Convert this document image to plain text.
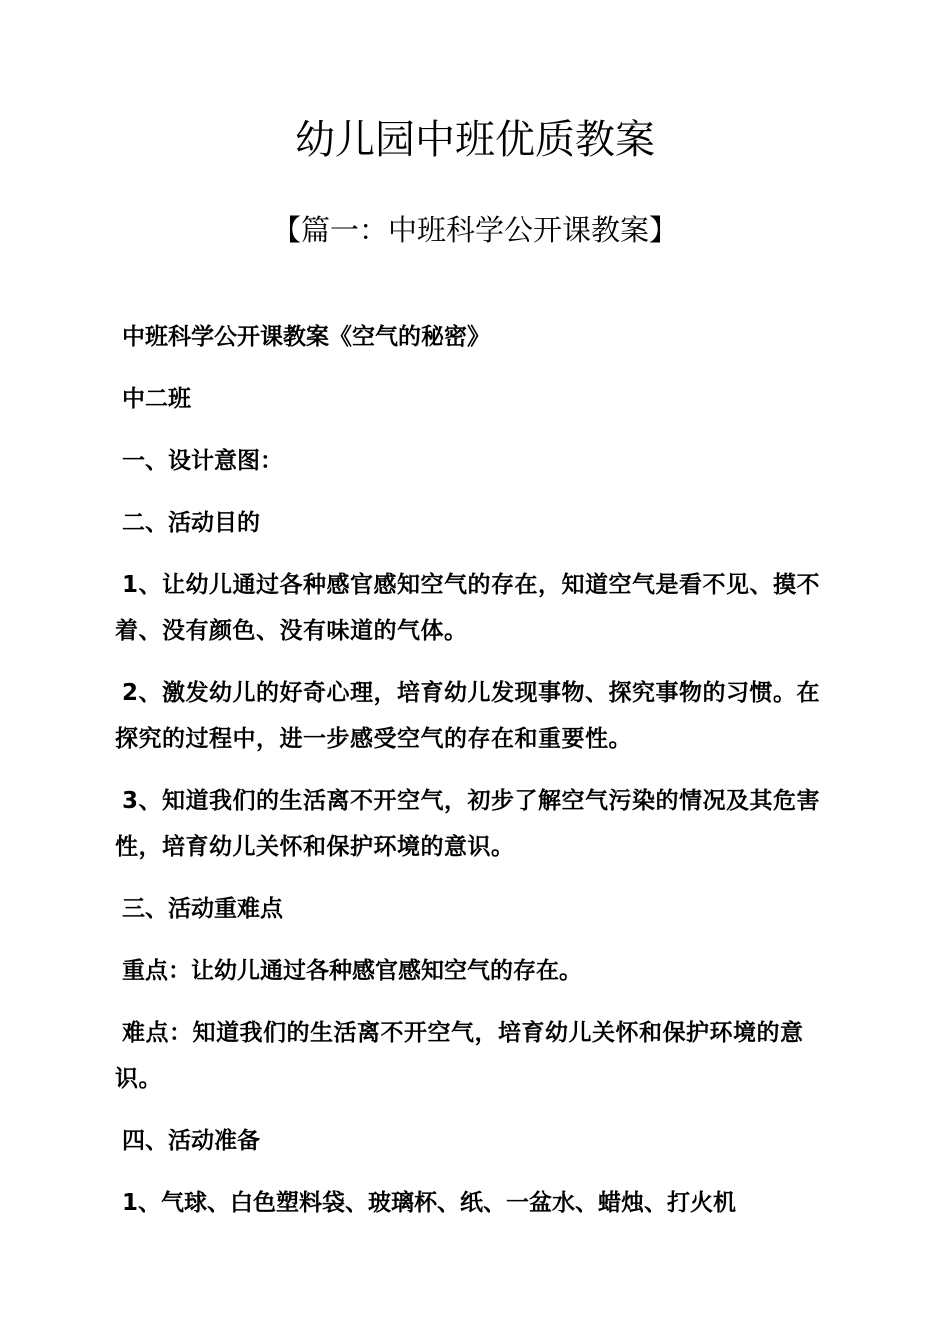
幼儿园中班优质教案
【篇一：中班科学公开课教案】

中班科学公开课教案《空气的秘密》

中二班

一、设计意图：

二、活动目的

1、让幼儿通过各种感官感知空气的存在，知道空气是看不见、摸不着、没有颜色、没有味道的气体。

2、激发幼儿的好奇心理，培育幼儿发现事物、探究事物的习惯。在探究的过程中，进一步感受空气的存在和重要性。

3、知道我们的生活离不开空气，初步了解空气污染的情况及其危害性，培育幼儿关怀和保护环境的意识。

三、活动重难点

重点：让幼儿通过各种感官感知空气的存在。

难点：知道我们的生活离不开空气，培育幼儿关怀和保护环境的意识。

四、活动准备

1、气球、白色塑料袋、玻璃杯、纸、一盆水、蜡烛、打火机
